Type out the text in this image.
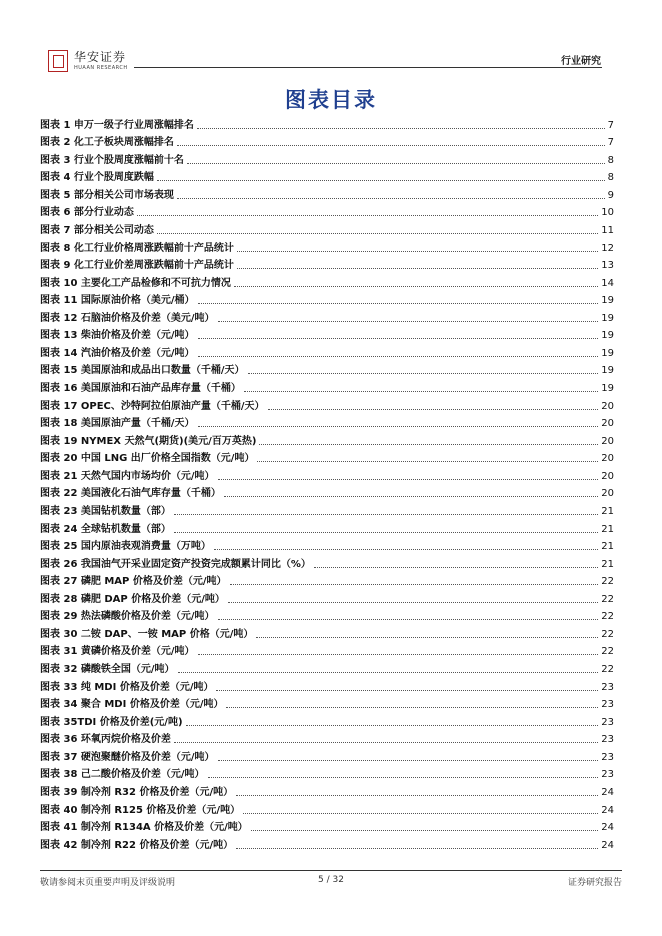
华安证券
HUAAN RESEARCH
行业研究
图表目录
图表 1 申万一级子行业周涨幅排名	7
图表 2 化工子板块周涨幅排名	7
图表 3 行业个股周度涨幅前十名	8
图表 4 行业个股周度跌幅	8
图表 5 部分相关公司市场表现	9
图表 6 部分行业动态	10
图表 7 部分相关公司动态	11
图表 8 化工行业价格周涨跌幅前十产品统计	12
图表 9 化工行业价差周涨跌幅前十产品统计	13
图表 10 主要化工产品检修和不可抗力情况	14
图表 11 国际原油价格（美元/桶）	19
图表 12 石脑油价格及价差（美元/吨）	19
图表 13 柴油价格及价差（元/吨）	19
图表 14 汽油价格及价差（元/吨）	19
图表 15 美国原油和成品出口数量（千桶/天）	19
图表 16 美国原油和石油产品库存量（千桶）	19
图表 17 OPEC、沙特阿拉伯原油产量（千桶/天）	20
图表 18 美国原油产量（千桶/天）	20
图表 19 NYMEX 天然气(期货)(美元/百万英热)	20
图表 20 中国 LNG 出厂价格全国指数（元/吨）	20
图表 21 天然气国内市场均价（元/吨）	20
图表 22 美国液化石油气库存量（千桶）	20
图表 23 美国钻机数量（部）	21
图表 24 全球钻机数量（部）	21
图表 25 国内原油表观消费量（万吨）	21
图表 26 我国油气开采业固定资产投资完成额累计同比（%）	21
图表 27 磷肥 MAP 价格及价差（元/吨）	22
图表 28 磷肥 DAP 价格及价差（元/吨）	22
图表 29 热法磷酸价格及价差（元/吨）	22
图表 30 二铵 DAP、一铵 MAP 价格（元/吨）	22
图表 31 黄磷价格及价差（元/吨）	22
图表 32 磷酸铁全国（元/吨）	22
图表 33 纯 MDI 价格及价差（元/吨）	23
图表 34 聚合 MDI 价格及价差（元/吨）	23
图表 35TDI 价格及价差(元/吨)	23
图表 36 环氧丙烷价格及价差	23
图表 37 硬泡聚醚价格及价差（元/吨）	23
图表 38 己二酸价格及价差（元/吨）	23
图表 39 制冷剂 R32 价格及价差（元/吨）	24
图表 40 制冷剂 R125 价格及价差（元/吨）	24
图表 41 制冷剂 R134A 价格及价差（元/吨）	24
图表 42 制冷剂 R22 价格及价差（元/吨）	24
敬请参阅末页重要声明及评级说明	5 / 32	证券研究报告
